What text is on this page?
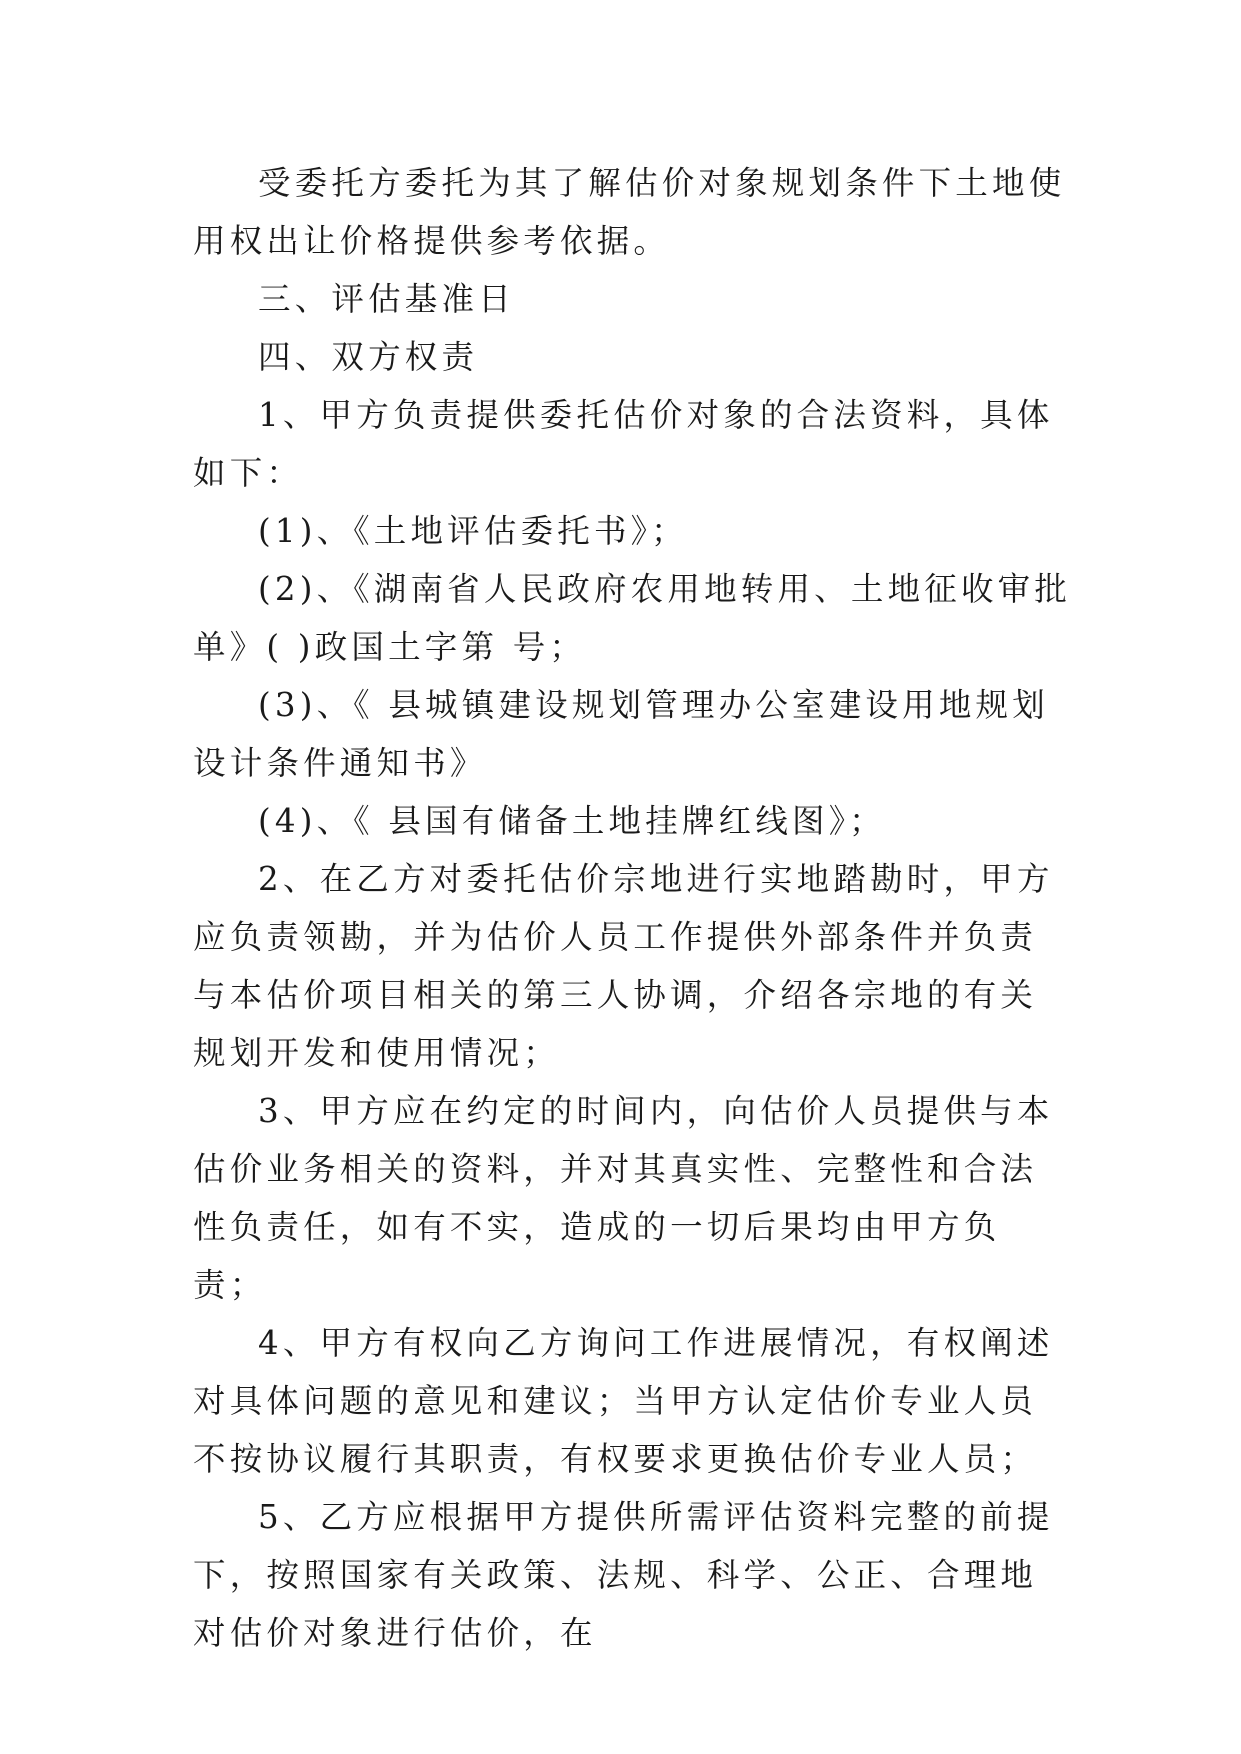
受委托方委托为其了解估价对象规划条件下土地使用权出让价格提供参考依据。

三、评估基准日

四、双方权责

1、甲方负责提供委托估价对象的合法资料，具体如下：

(1)、《土地评估委托书》；

(2)、《湖南省人民政府农用地转用、土地征收审批单》( )政国土字第 号；

(3)、《 县城镇建设规划管理办公室建设用地规划设计条件通知书》

(4)、《 县国有储备土地挂牌红线图》；

2、在乙方对委托估价宗地进行实地踏勘时，甲方应负责领勘，并为估价人员工作提供外部条件并负责与本估价项目相关的第三人协调，介绍各宗地的有关规划开发和使用情况；

3、甲方应在约定的时间内，向估价人员提供与本估价业务相关的资料，并对其真实性、完整性和合法性负责任，如有不实，造成的一切后果均由甲方负责；

4、甲方有权向乙方询问工作进展情况，有权阐述对具体问题的意见和建议；当甲方认定估价专业人员不按协议履行其职责，有权要求更换估价专业人员；

5、乙方应根据甲方提供所需评估资料完整的前提下，按照国家有关政策、法规、科学、公正、合理地对估价对象进行估价，在
